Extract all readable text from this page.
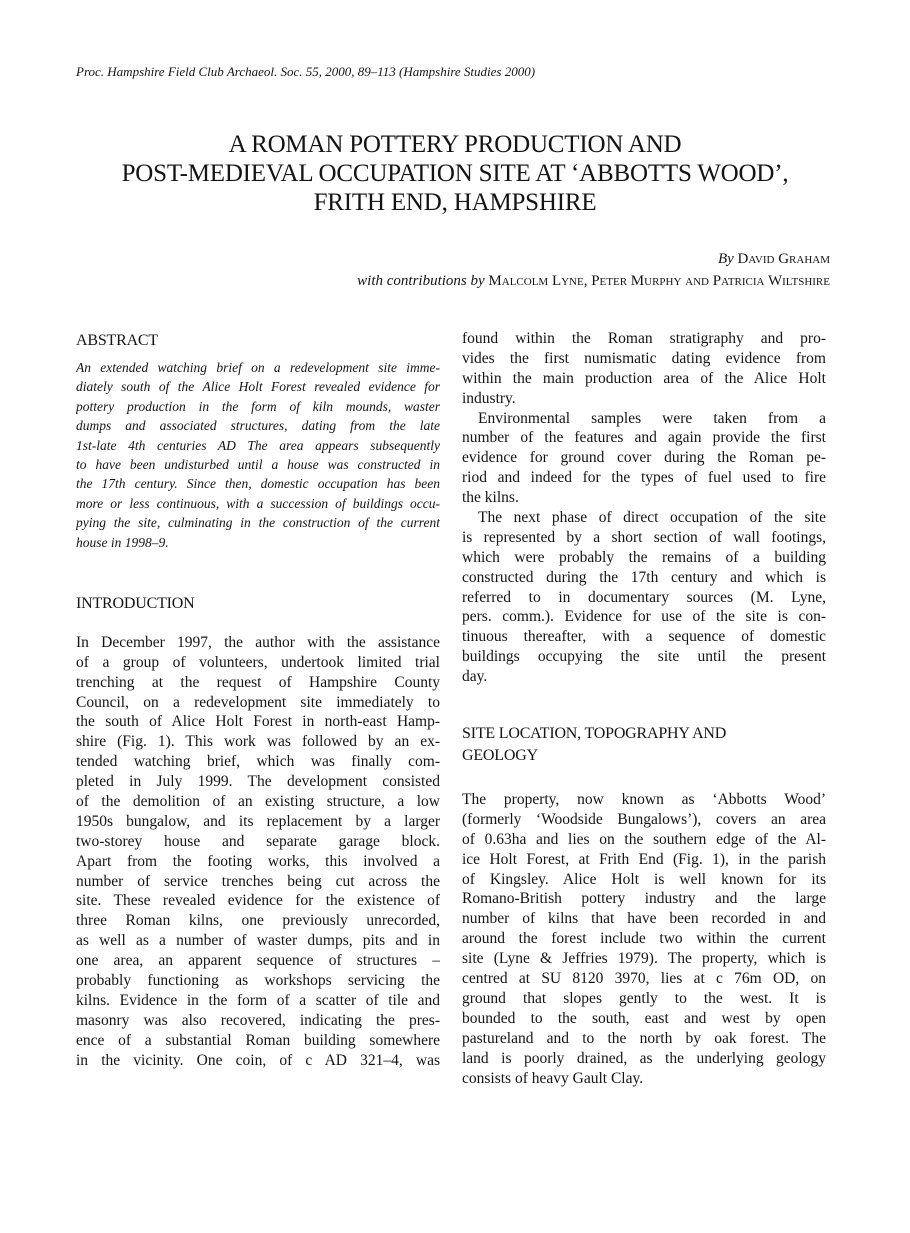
Proc. Hampshire Field Club Archaeol. Soc. 55, 2000, 89–113 (Hampshire Studies 2000)
A ROMAN POTTERY PRODUCTION AND
POST-MEDIEVAL OCCUPATION SITE AT ‘ABBOTTS WOOD’,
FRITH END, HAMPSHIRE
By David Graham
with contributions by Malcolm Lyne, Peter Murphy and Patricia Wiltshire
ABSTRACT
An extended watching brief on a redevelopment site imme-
diately south of the Alice Holt Forest revealed evidence for
pottery production in the form of kiln mounds, waster
dumps and associated structures, dating from the late
1st-late 4th centuries AD The area appears subsequently
to have been undisturbed until a house was constructed in
the 17th century. Since then, domestic occupation has been
more or less continuous, with a succession of buildings occu-
pying the site, culminating in the construction of the current
house in 1998–9.
INTRODUCTION
In December 1997, the author with the assistance
of a group of volunteers, undertook limited trial
trenching at the request of Hampshire County
Council, on a redevelopment site immediately to
the south of Alice Holt Forest in north-east Hamp-
shire (Fig. 1). This work was followed by an ex-
tended watching brief, which was finally com-
pleted in July 1999. The development consisted
of the demolition of an existing structure, a low
1950s bungalow, and its replacement by a larger
two-storey house and separate garage block.
Apart from the footing works, this involved a
number of service trenches being cut across the
site. These revealed evidence for the existence of
three Roman kilns, one previously unrecorded,
as well as a number of waster dumps, pits and in
one area, an apparent sequence of structures –
probably functioning as workshops servicing the
kilns. Evidence in the form of a scatter of tile and
masonry was also recovered, indicating the pres-
ence of a substantial Roman building somewhere
in the vicinity. One coin, of c AD 321–4, was
found within the Roman stratigraphy and pro-
vides the first numismatic dating evidence from
within the main production area of the Alice Holt
industry.
Environmental samples were taken from a
number of the features and again provide the first
evidence for ground cover during the Roman pe-
riod and indeed for the types of fuel used to fire
the kilns.
The next phase of direct occupation of the site
is represented by a short section of wall footings,
which were probably the remains of a building
constructed during the 17th century and which is
referred to in documentary sources (M. Lyne,
pers. comm.). Evidence for use of the site is con-
tinuous thereafter, with a sequence of domestic
buildings occupying the site until the present
day.
SITE LOCATION, TOPOGRAPHY AND
GEOLOGY
The property, now known as ‘Abbotts Wood’
(formerly ‘Woodside Bungalows’), covers an area
of 0.63ha and lies on the southern edge of the Al-
ice Holt Forest, at Frith End (Fig. 1), in the parish
of Kingsley. Alice Holt is well known for its
Romano-British pottery industry and the large
number of kilns that have been recorded in and
around the forest include two within the current
site (Lyne & Jeffries 1979). The property, which is
centred at SU 8120 3970, lies at c 76m OD, on
ground that slopes gently to the west. It is
bounded to the south, east and west by open
pastureland and to the north by oak forest. The
land is poorly drained, as the underlying geology
consists of heavy Gault Clay.
